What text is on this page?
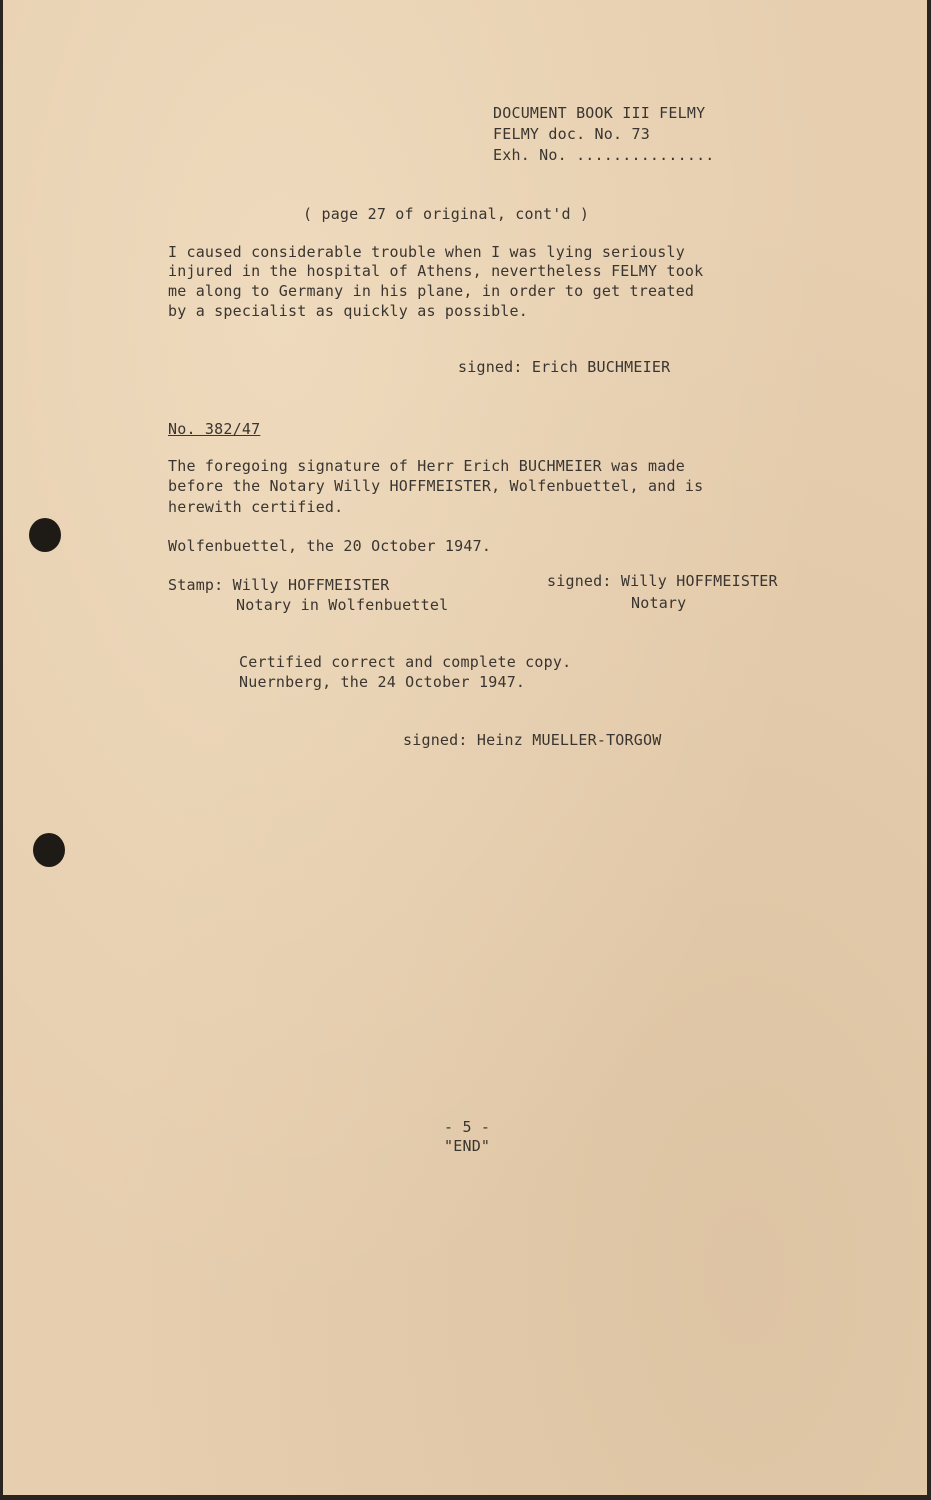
DOCUMENT BOOK III FELMY
FELMY doc. No. 73
Exh. No. ...............
( page 27 of original, cont'd )
I caused considerable trouble when I was lying seriously
injured in the hospital of Athens, nevertheless FELMY took
me along to Germany in his plane, in order to get treated
by a specialist as quickly as possible.
signed: Erich BUCHMEIER
No. 382/47
The foregoing signature of Herr Erich BUCHMEIER was made
before the Notary Willy HOFFMEISTER, Wolfenbuettel, and is
herewith certified.
Wolfenbuettel, the 20 October 1947.
Stamp: Willy HOFFMEISTER
Notary in Wolfenbuettel
signed: Willy HOFFMEISTER
Notary
Certified correct and complete copy.
Nuernberg, the 24 October 1947.
signed: Heinz MUELLER-TORGOW
- 5 -
"END"
